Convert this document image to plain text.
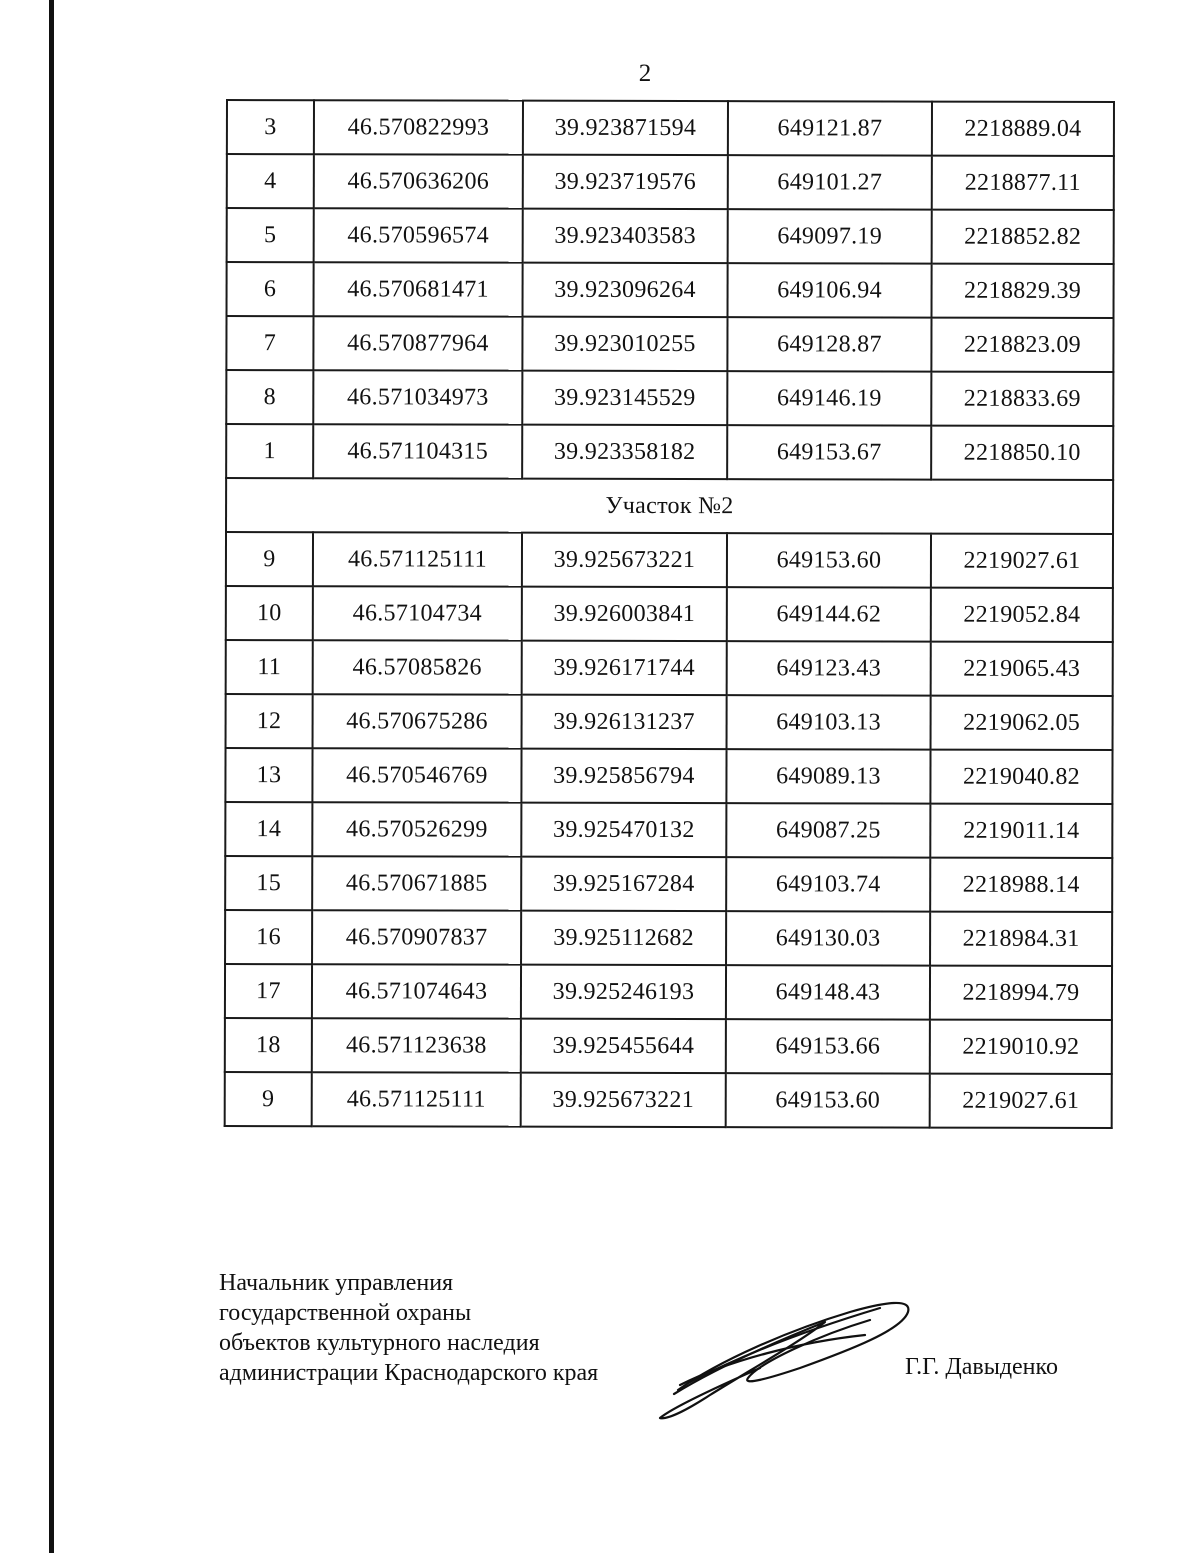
2
3	46.570822993	39.923871594	649121.87	2218889.04
4	46.570636206	39.923719576	649101.27	2218877.11
5	46.570596574	39.923403583	649097.19	2218852.82
6	46.570681471	39.923096264	649106.94	2218829.39
7	46.570877964	39.923010255	649128.87	2218823.09
8	46.571034973	39.923145529	649146.19	2218833.69
1	46.571104315	39.923358182	649153.67	2218850.10
Участок №2				
9	46.571125111	39.925673221	649153.60	2219027.61
10	46.57104734	39.926003841	649144.62	2219052.84
11	46.57085826	39.926171744	649123.43	2219065.43
12	46.570675286	39.926131237	649103.13	2219062.05
13	46.570546769	39.925856794	649089.13	2219040.82
14	46.570526299	39.925470132	649087.25	2219011.14
15	46.570671885	39.925167284	649103.74	2218988.14
16	46.570907837	39.925112682	649130.03	2218984.31
17	46.571074643	39.925246193	649148.43	2218994.79
18	46.571123638	39.925455644	649153.66	2219010.92
9	46.571125111	39.925673221	649153.60	2219027.61
Начальник управления
государственной охраны
объектов культурного наследия
администрации Краснодарского края	Г.Г. Давыденко
